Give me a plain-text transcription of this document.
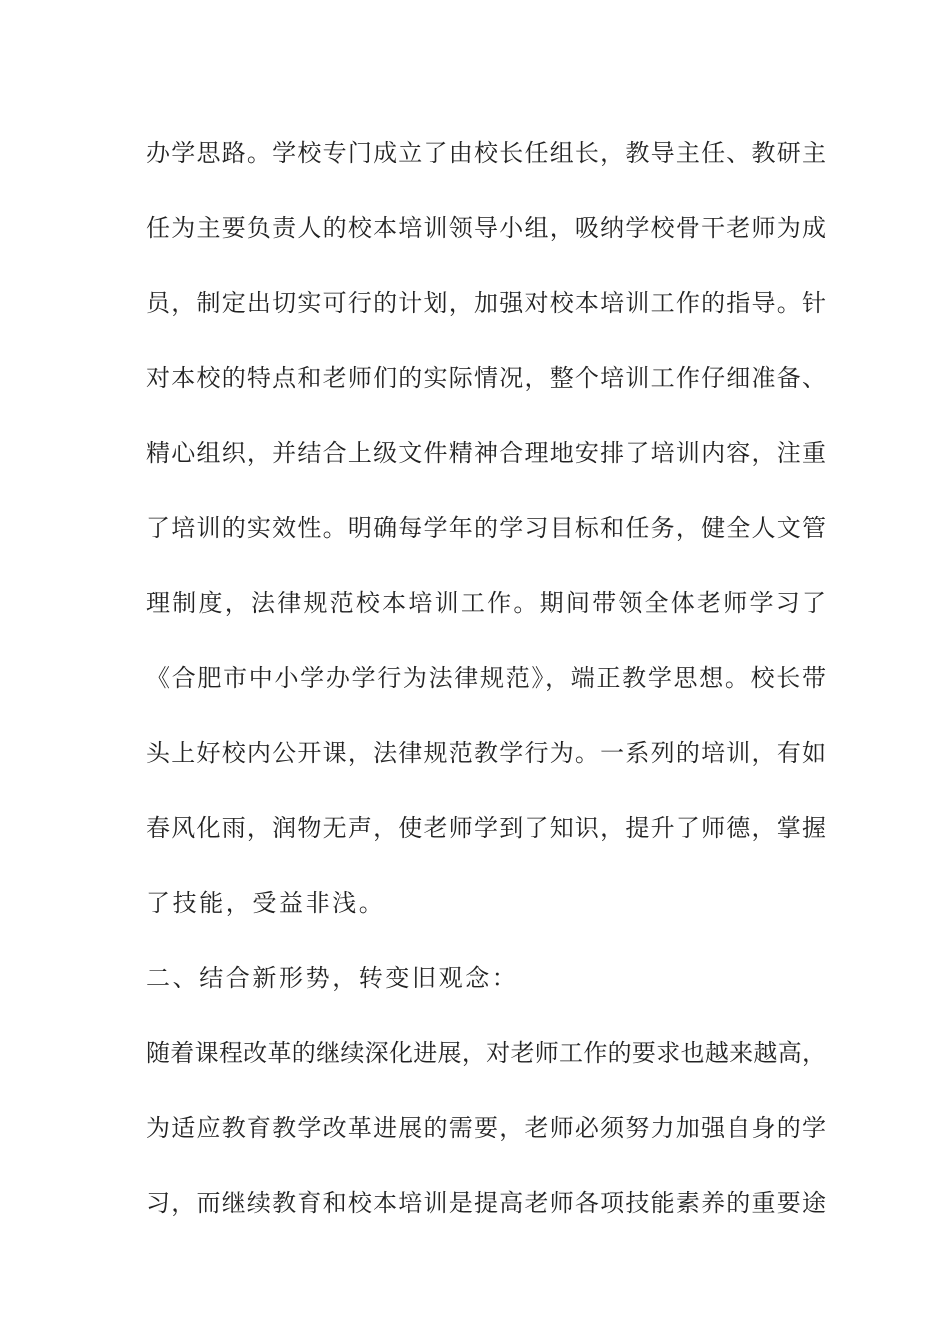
办学思路。学校专门成立了由校长任组长，教导主任、教研主
任为主要负责人的校本培训领导小组，吸纳学校骨干老师为成
员，制定出切实可行的计划，加强对校本培训工作的指导。针
对本校的特点和老师们的实际情况，整个培训工作仔细准备、
精心组织，并结合上级文件精神合理地安排了培训内容，注重
了培训的实效性。明确每学年的学习目标和任务，健全人文管
理制度，法律规范校本培训工作。期间带领全体老师学习了
《合肥市中小学办学行为法律规范》，端正教学思想。校长带
头上好校内公开课，法律规范教学行为。一系列的培训，有如
春风化雨，润物无声，使老师学到了知识，提升了师德，掌握
了技能，受益非浅。
二、结合新形势，转变旧观念：
随着课程改革的继续深化进展，对老师工作的要求也越来越高，
为适应教育教学改革进展的需要，老师必须努力加强自身的学
习，而继续教育和校本培训是提高老师各项技能素养的重要途
